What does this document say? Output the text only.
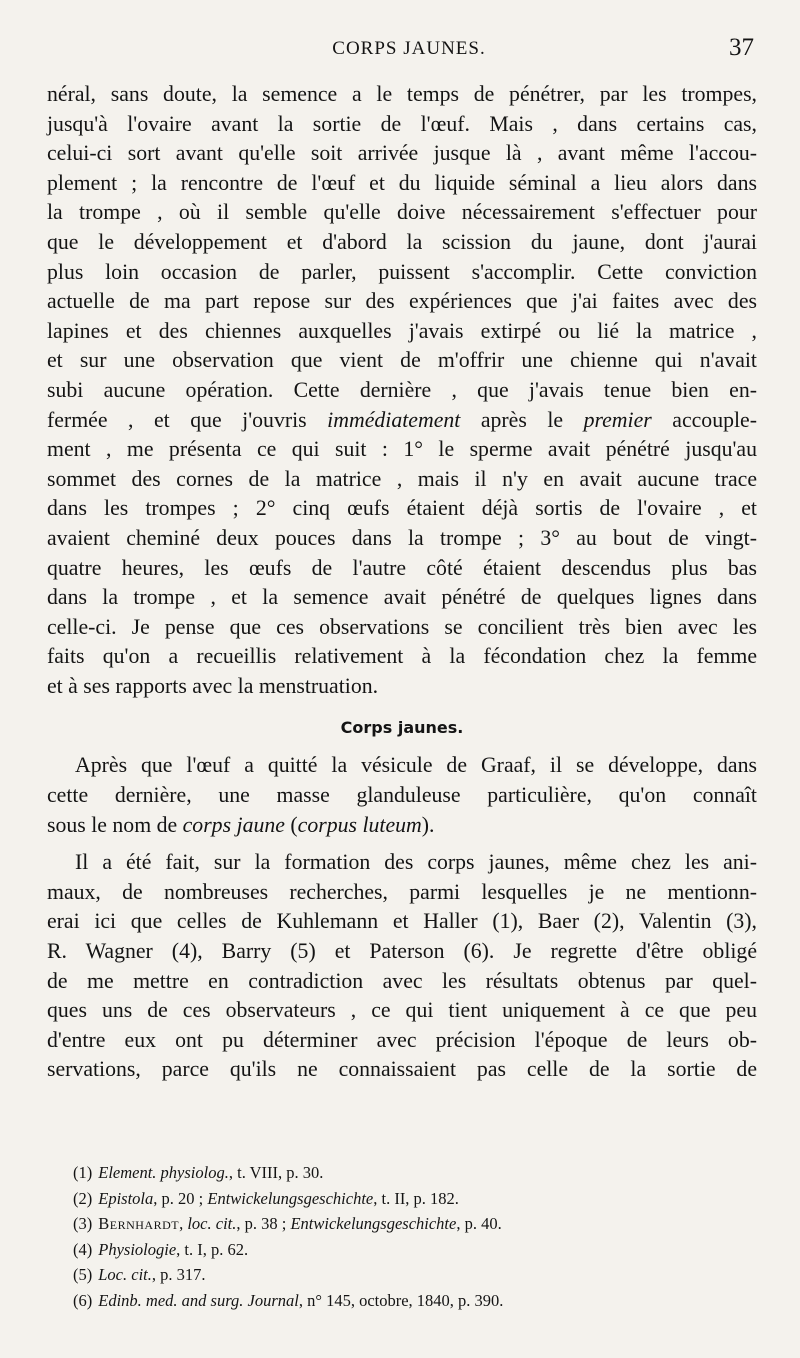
CORPS JAUNES.	37
néral, sans doute, la semence a le temps de pénétrer, par les trompes,
jusqu'à l'ovaire avant la sortie de l'œuf. Mais , dans certains cas,
celui-ci sort avant qu'elle soit arrivée jusque là , avant même l'accou-
plement ; la rencontre de l'œuf et du liquide séminal a lieu alors dans
la trompe , où il semble qu'elle doive nécessairement s'effectuer pour
que le développement et d'abord la scission du jaune, dont j'aurai
plus loin occasion de parler, puissent s'accomplir. Cette conviction
actuelle de ma part repose sur des expériences que j'ai faites avec des
lapines et des chiennes auxquelles j'avais extirpé ou lié la matrice ,
et sur une observation que vient de m'offrir une chienne qui n'avait
subi aucune opération. Cette dernière , que j'avais tenue bien en-
fermée , et que j'ouvris immédiatement après le premier accouple-
ment , me présenta ce qui suit : 1° le sperme avait pénétré jusqu'au
sommet des cornes de la matrice , mais il n'y en avait aucune trace
dans les trompes ; 2° cinq œufs étaient déjà sortis de l'ovaire , et
avaient cheminé deux pouces dans la trompe ; 3° au bout de vingt-
quatre heures, les œufs de l'autre côté étaient descendus plus bas
dans la trompe , et la semence avait pénétré de quelques lignes dans
celle-ci. Je pense que ces observations se concilient très bien avec les
faits qu'on a recueillis relativement à la fécondation chez la femme
et à ses rapports avec la menstruation.
Corps jaunes.
Après que l'œuf a quitté la vésicule de Graaf, il se développe, dans
cette dernière, une masse glanduleuse particulière, qu'on connaît
sous le nom de corps jaune (corpus luteum).
Il a été fait, sur la formation des corps jaunes, même chez les ani-
maux, de nombreuses recherches, parmi lesquelles je ne mentionn-
erai ici que celles de Kuhlemann et Haller (1), Baer (2), Valentin (3),
R. Wagner (4), Barry (5) et Paterson (6). Je regrette d'être obligé
de me mettre en contradiction avec les résultats obtenus par quel-
ques uns de ces observateurs , ce qui tient uniquement à ce que peu
d'entre eux ont pu déterminer avec précision l'époque de leurs ob-
servations, parce qu'ils ne connaissaient pas celle de la sortie de
(1) Element. physiolog., t. VIII, p. 30.
(2) Epistola, p. 20 ; Entwickelungsgeschichte, t. II, p. 182.
(3) Bernhardt, loc. cit., p. 38 ; Entwickelungsgeschichte, p. 40.
(4) Physiologie, t. I, p. 62.
(5) Loc. cit., p. 317.
(6) Edinb. med. and surg. Journal, n° 145, octobre, 1840, p. 390.
